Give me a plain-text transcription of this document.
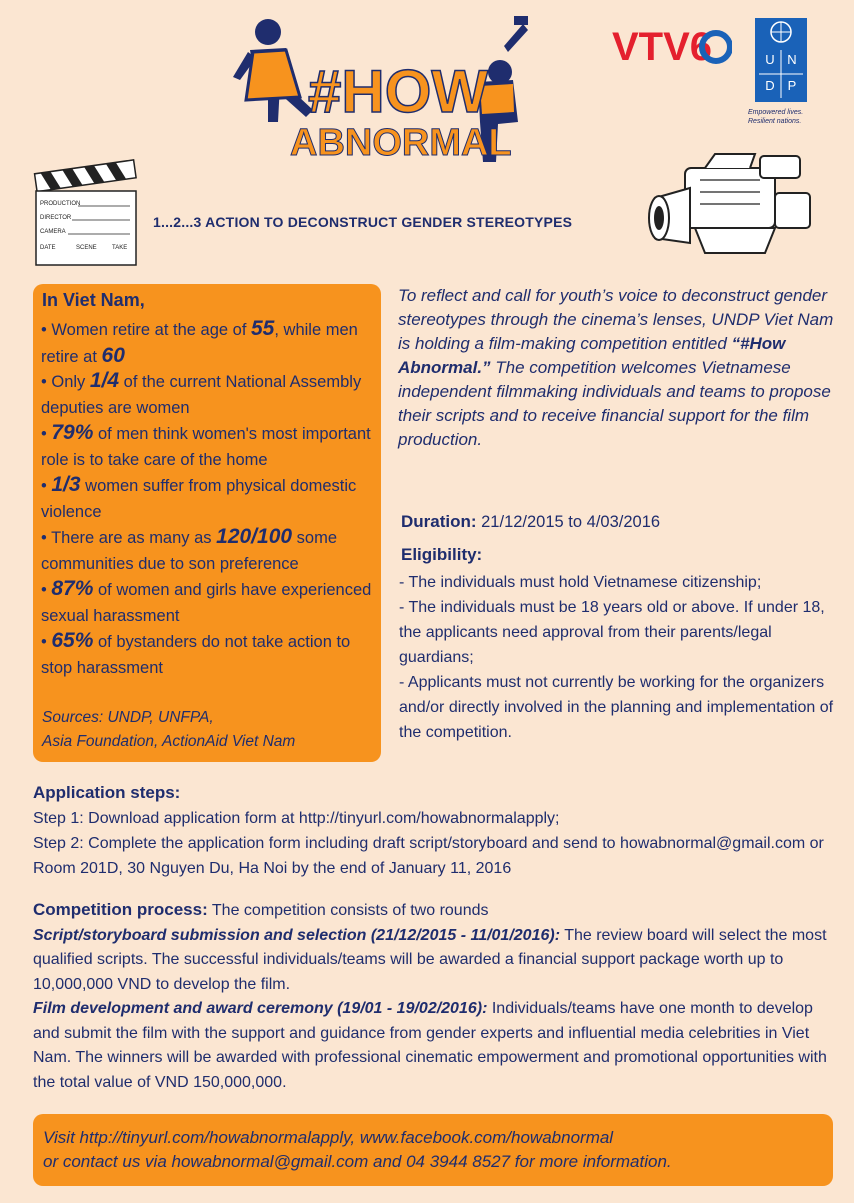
#HOW
ABNORMAL
VTV6	U N
D P
Empowered lives.
Resilient nations.
PRODUCTION
DIRECTOR
CAMERA
DATE	SCENE	TAKE
1...2...3 ACTION TO DECONSTRUCT GENDER STEREOTYPES
In Viet Nam,
• Women retire at the age of 55, while men retire at 60
• Only 1/4 of the current National Assembly deputies are women
• 79% of men think women's most important role is to take care of the home
• 1/3 women suffer from physical domestic violence
• There are as many as 120/100 some communities due to son preference
• 87% of women and girls have experienced sexual harassment
• 65% of bystanders do not take action to stop harassment
Sources: UNDP, UNFPA,
Asia Foundation, ActionAid Viet Nam
To reflect and call for youth’s voice to deconstruct gender stereotypes through the cinema’s lenses, UNDP Viet Nam is holding a film-making competition entitled “#How Abnormal.” The competition welcomes Vietnamese independent filmmaking individuals and teams to propose their scripts and to receive financial support for the film production.
Duration: 21/12/2015 to 4/03/2016
Eligibility:
- The individuals must hold Vietnamese citizenship;
- The individuals must be 18 years old or above. If under 18, the applicants need approval from their parents/legal guardians;
- Applicants must not currently be working for the organizers and/or directly involved in the planning and implementation of the competition.
Application steps:
Step 1: Download application form at http://tinyurl.com/howabnormalapply;
Step 2: Complete the application form including draft script/storyboard and send to howabnormal@gmail.com or Room 201D, 30 Nguyen Du, Ha Noi by the end of January 11, 2016
Competition process: The competition consists of two rounds
Script/storyboard submission and selection (21/12/2015 - 11/01/2016): The review board will select the most qualified scripts. The successful individuals/teams will be awarded a financial support package worth up to 10,000,000 VND to develop the film.
Film development and award ceremony (19/01 - 19/02/2016): Individuals/teams have one month to develop and submit the film with the support and guidance from gender experts and influential media celebrities in Viet Nam. The winners will be awarded with professional cinematic empowerment and promotional opportunities with the total value of VND 150,000,000.
Visit http://tinyurl.com/howabnormalapply, www.facebook.com/howabnormal
or contact us via howabnormal@gmail.com and 04 3944 8527 for more information.
